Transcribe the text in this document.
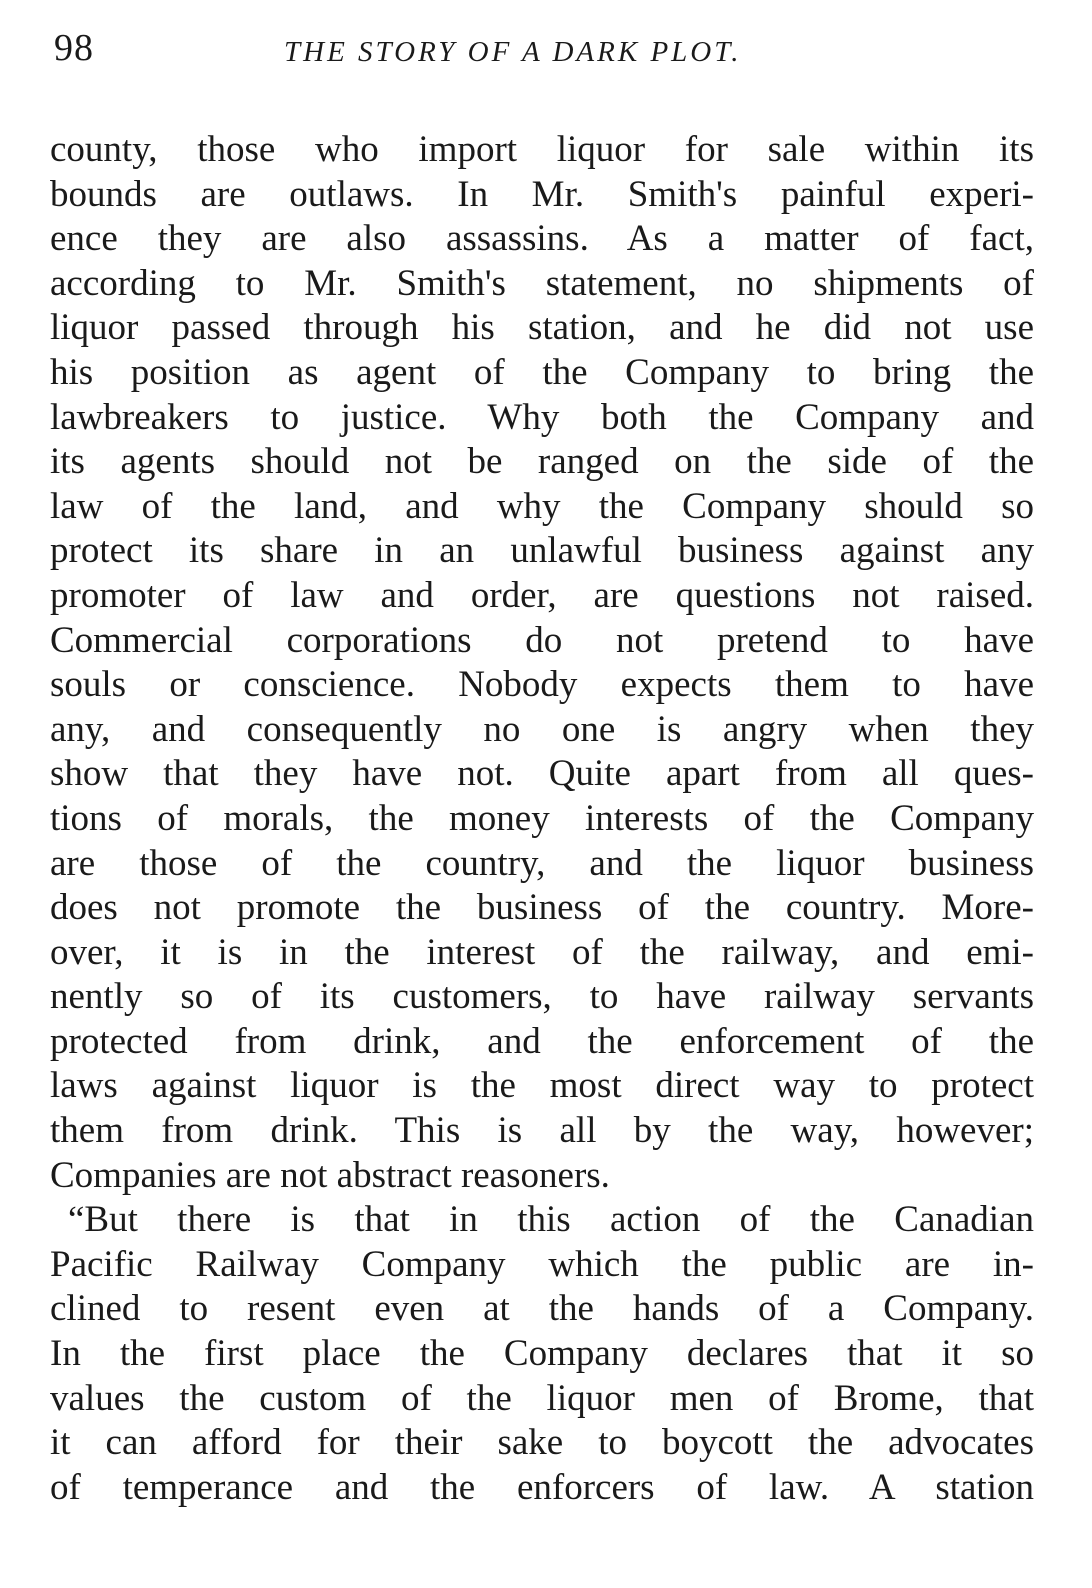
98	THE STORY OF A DARK PLOT.
county, those who import liquor for sale within its
bounds are outlaws. In Mr. Smith's painful experi-
ence they are also assassins. As a matter of fact,
according to Mr. Smith's statement, no shipments of
liquor passed through his station, and he did not use
his position as agent of the Company to bring the
lawbreakers to justice. Why both the Company and
its agents should not be ranged on the side of the
law of the land, and why the Company should so
protect its share in an unlawful business against any
promoter of law and order, are questions not raised.
Commercial corporations do not pretend to have
souls or conscience. Nobody expects them to have
any, and consequently no one is angry when they
show that they have not. Quite apart from all ques-
tions of morals, the money interests of the Company
are those of the country, and the liquor business
does not promote the business of the country. More-
over, it is in the interest of the railway, and emi-
nently so of its customers, to have railway servants
protected from drink, and the enforcement of the
laws against liquor is the most direct way to protect
them from drink. This is all by the way, however;
Companies are not abstract reasoners.
“But there is that in this action of the Canadian
Pacific Railway Company which the public are in-
clined to resent even at the hands of a Company.
In the first place the Company declares that it so
values the custom of the liquor men of Brome, that
it can afford for their sake to boycott the advocates
of temperance and the enforcers of law. A station
